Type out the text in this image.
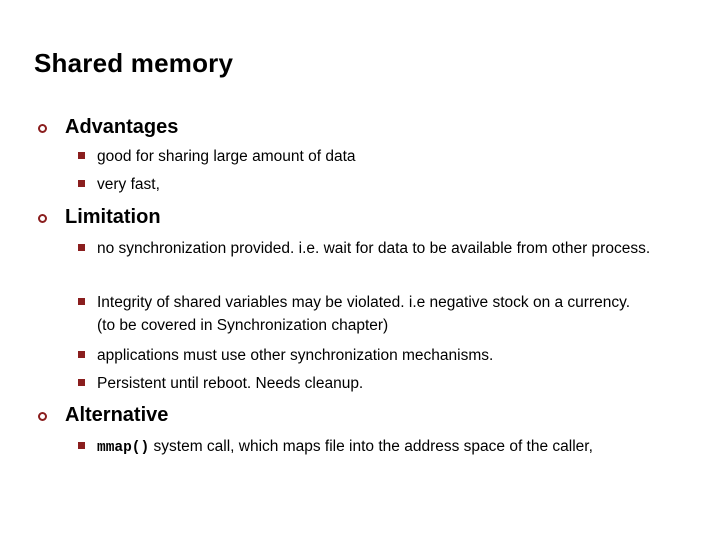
Shared memory
Advantages
good for sharing large amount of data
very fast,
Limitation
no synchronization provided. i.e. wait for data to be available from other process.
Integrity of shared variables may be violated. i.e negative stock on a currency. (to be covered in Synchronization chapter)
applications must use other synchronization mechanisms.
Persistent until reboot. Needs cleanup.
Alternative
mmap() system call, which maps file into the address space of the caller,
